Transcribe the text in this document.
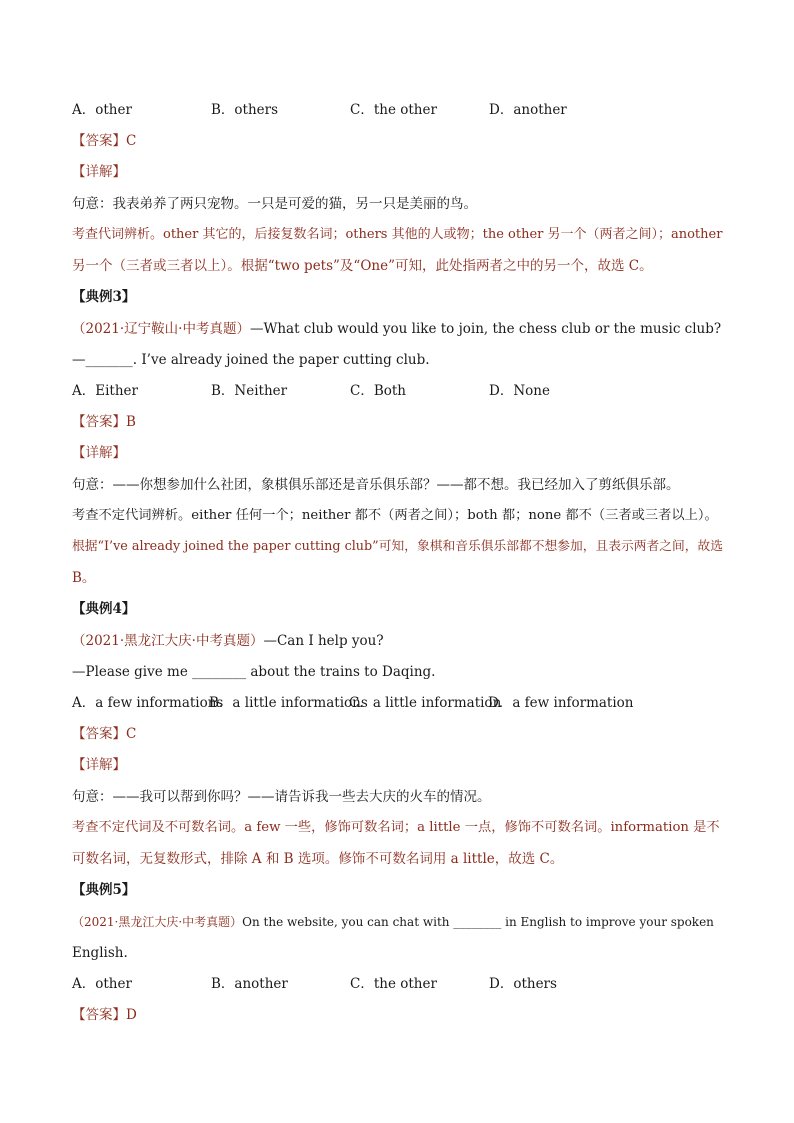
A．other	B．others	C．the other	D．another
【答案】C
【详解】
句意：我表弟养了两只宠物。一只是可爱的猫，另一只是美丽的鸟。
考查代词辨析。other 其它的，后接复数名词；others 其他的人或物；the other 另一个（两者之间）；another
另一个（三者或三者以上）。根据“two pets”及“One”可知，此处指两者之中的另一个，故选 C。
【典例3】
（2021·辽宁鞍山·中考真题）—What club would you like to join, the chess club or the music club?
—_______. I’ve already joined the paper cutting club.
A．Either	B．Neither	C．Both	D．None
【答案】B
【详解】
句意：——你想参加什么社团，象棋俱乐部还是音乐俱乐部？——都不想。我已经加入了剪纸俱乐部。
考查不定代词辨析。either 任何一个；neither 都不（两者之间）；both 都；none 都不（三者或三者以上）。
根据“I’ve already joined the paper cutting club”可知，象棋和音乐俱乐部都不想参加，且表示两者之间，故选
B。
【典例4】
（2021·黑龙江大庆·中考真题）—Can I help you?
—Please give me ________ about the trains to Daqing.
A．a few informations
B．a little informations
C．a little information
D．a few information
【答案】C
【详解】
句意：——我可以帮到你吗？——请告诉我一些去大庆的火车的情况。
考查不定代词及不可数名词。a few 一些，修饰可数名词；a little 一点，修饰不可数名词。information 是不
可数名词，无复数形式，排除 A 和 B 选项。修饰不可数名词用 a little，故选 C。
【典例5】
（2021·黑龙江大庆·中考真题）On the website, you can chat with ________ in English to improve your spoken
English.
A．other	B．another	C．the other	D．others
【答案】D
